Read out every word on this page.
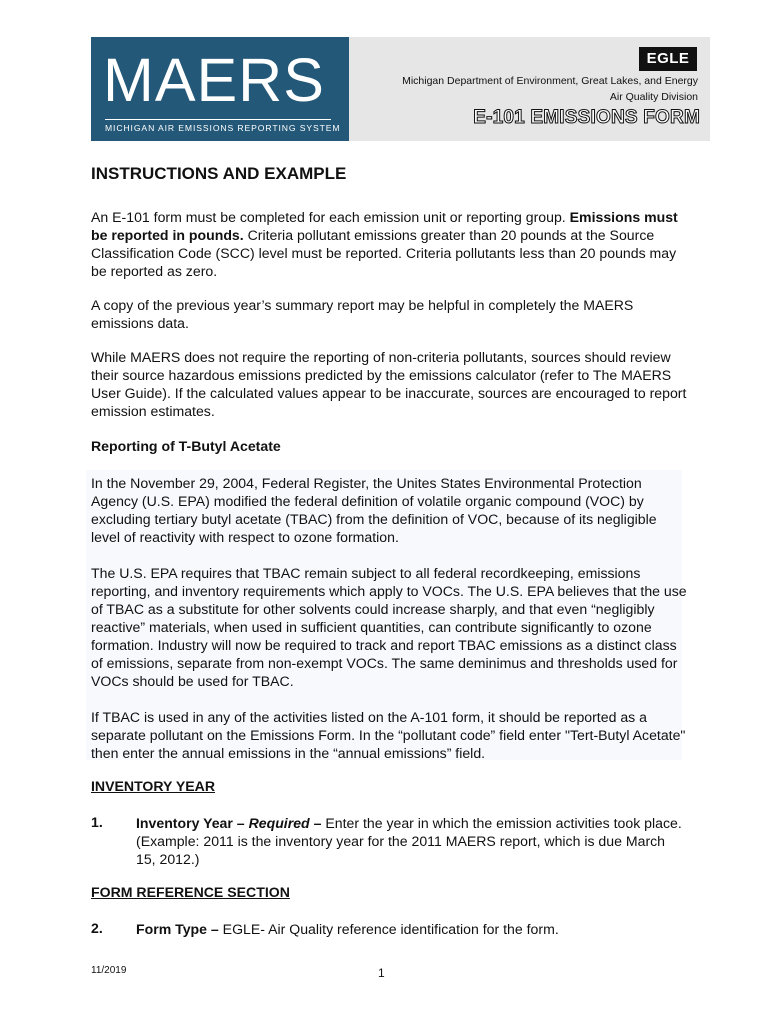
MAERS
MICHIGAN AIR EMISSIONS REPORTING SYSTEM
EGLE
Michigan Department of Environment, Great Lakes, and Energy
Air Quality Division
E-101 EMISSIONS FORM
INSTRUCTIONS AND EXAMPLE

An E-101 form must be completed for each emission unit or reporting group. Emissions must be reported in pounds. Criteria pollutant emissions greater than 20 pounds at the Source Classification Code (SCC) level must be reported. Criteria pollutants less than 20 pounds may be reported as zero.

A copy of the previous year’s summary report may be helpful in completely the MAERS emissions data.

While MAERS does not require the reporting of non-criteria pollutants, sources should review their source hazardous emissions predicted by the emissions calculator (refer to The MAERS User Guide). If the calculated values appear to be inaccurate, sources are encouraged to report emission estimates.

Reporting of T-Butyl Acetate

In the November 29, 2004, Federal Register, the Unites States Environmental Protection Agency (U.S. EPA) modified the federal definition of volatile organic compound (VOC) by excluding tertiary butyl acetate (TBAC) from the definition of VOC, because of its negligible level of reactivity with respect to ozone formation.

The U.S. EPA requires that TBAC remain subject to all federal recordkeeping, emissions reporting, and inventory requirements which apply to VOCs. The U.S. EPA believes that the use of TBAC as a substitute for other solvents could increase sharply, and that even “negligibly reactive” materials, when used in sufficient quantities, can contribute significantly to ozone formation. Industry will now be required to track and report TBAC emissions as a distinct class of emissions, separate from non-exempt VOCs. The same deminimus and thresholds used for VOCs should be used for TBAC.

If TBAC is used in any of the activities listed on the A-101 form, it should be reported as a separate pollutant on the Emissions Form. In the “pollutant code” field enter "Tert-Butyl Acetate" then enter the annual emissions in the “annual emissions” field.

INVENTORY YEAR
1. Inventory Year – Required – Enter the year in which the emission activities took place. (Example: 2011 is the inventory year for the 2011 MAERS report, which is due March 15, 2012.)
FORM REFERENCE SECTION
2. Form Type – EGLE- Air Quality reference identification for the form.
11/2019	1
